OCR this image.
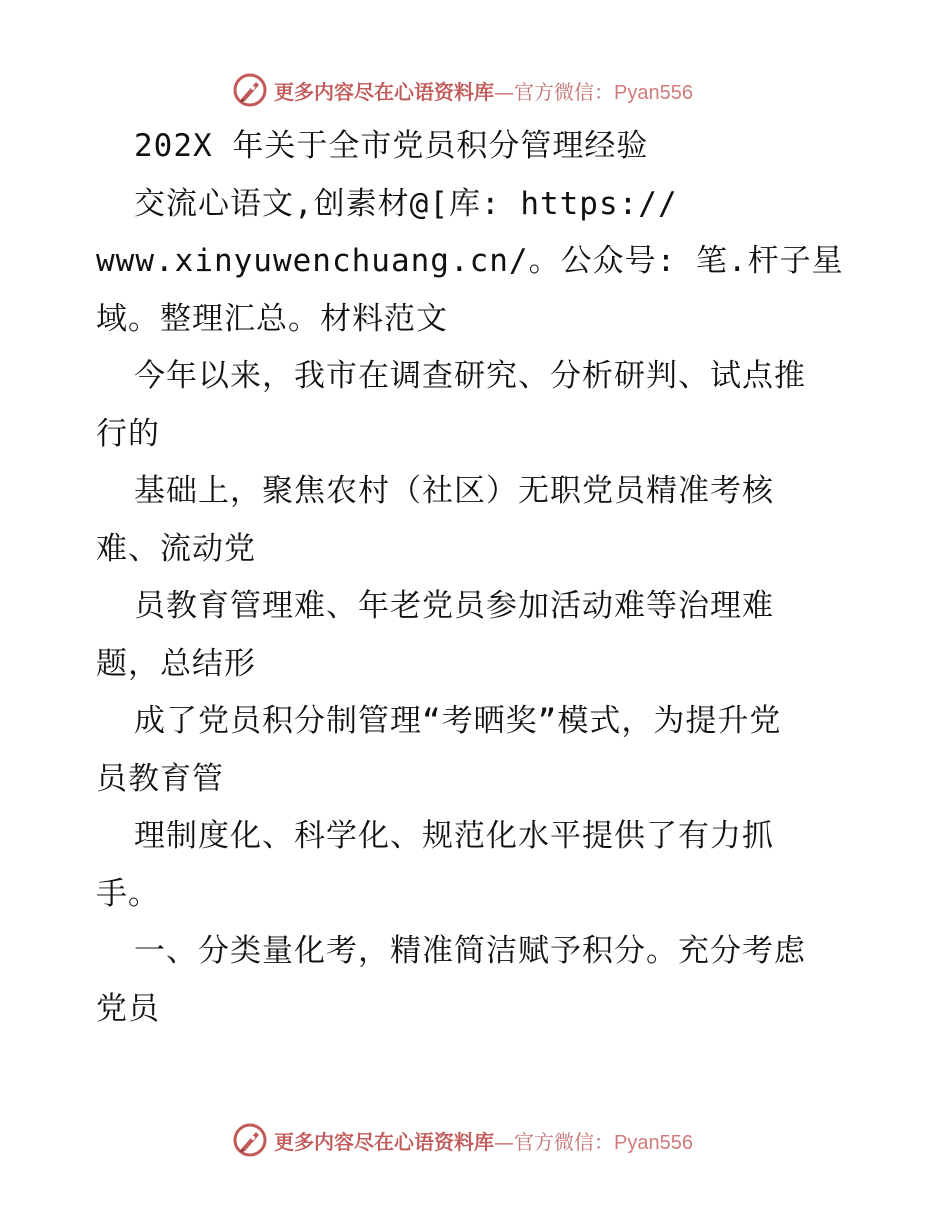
更多内容尽在心语资料库—官方微信：Pyan556
202X 年关于全市党员积分管理经验
交流心语文,创素材@[库: https://
www.xinyuwenchuang.cn/。公众号: 笔.杆子星
域。整理汇总。材料范文
今年以来，我市在调查研究、分析研判、试点推
行的
基础上，聚焦农村（社区）无职党员精准考核
难、流动党
员教育管理难、年老党员参加活动难等治理难
题，总结形
成了党员积分制管理“考晒奖”模式，为提升党
员教育管
理制度化、科学化、规范化水平提供了有力抓
手。
一、分类量化考，精准简洁赋予积分。充分考虑
党员
更多内容尽在心语资料库—官方微信：Pyan556
